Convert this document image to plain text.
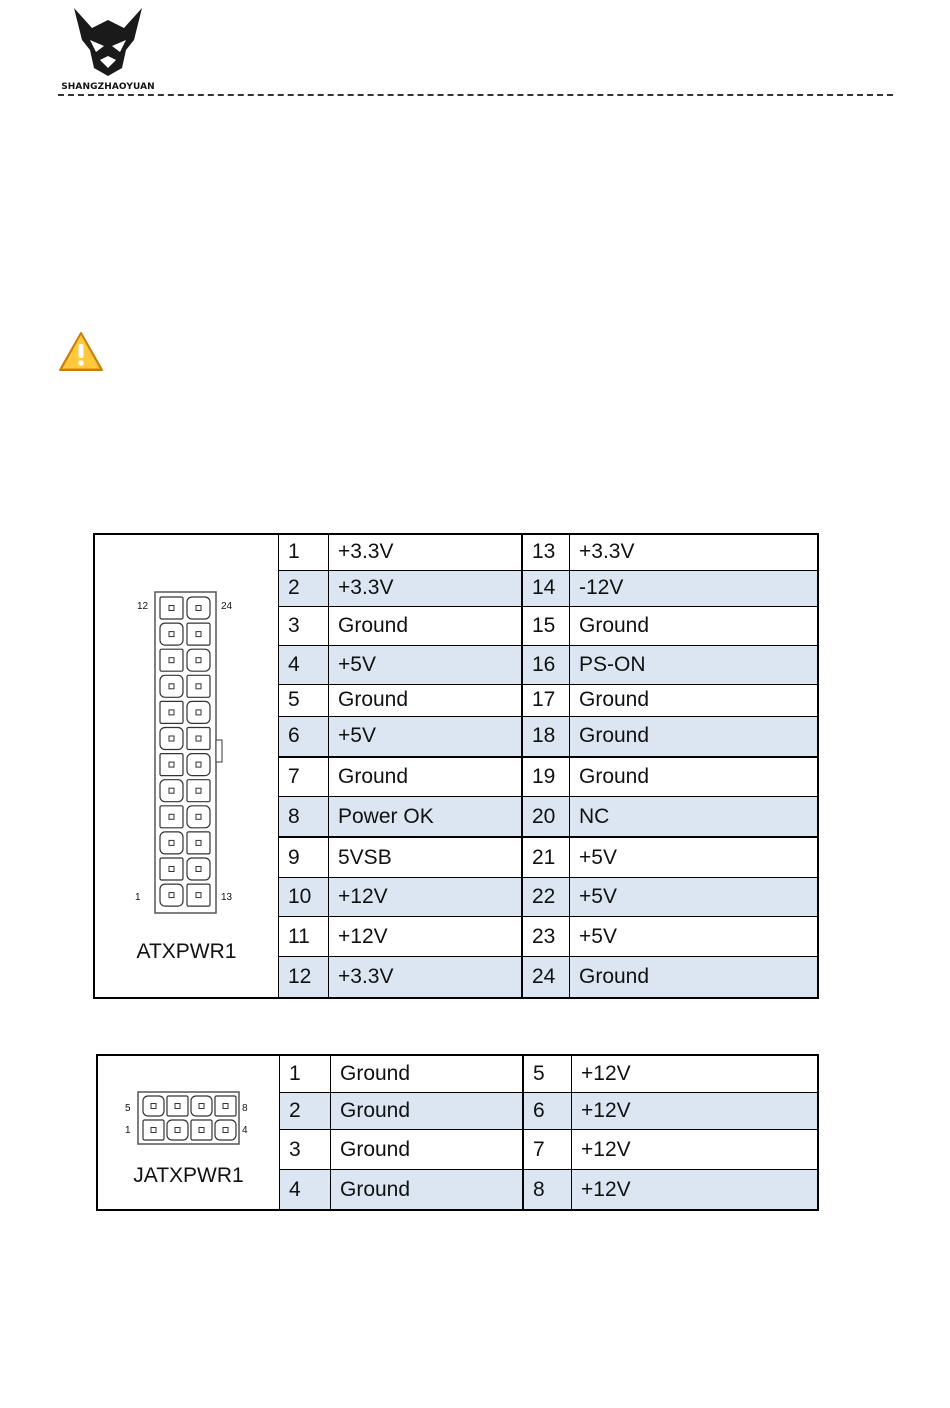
SHANGZHAOYUAN
12	24
1	13
ATXPWR1
1	+3.3V	13	+3.3V
2	+3.3V	14	-12V
3	Ground	15	Ground
4	+5V	16	PS-ON
5	Ground	17	Ground
6	+5V	18	Ground
7	Ground	19	Ground
8	Power OK	20	NC
9	5VSB	21	+5V
10	+12V	22	+5V
11	+12V	23	+5V
12	+3.3V	24	Ground
5	8
1	4
JATXPWR1
1	Ground	5	+12V
2	Ground	6	+12V
3	Ground	7	+12V
4	Ground	8	+12V
